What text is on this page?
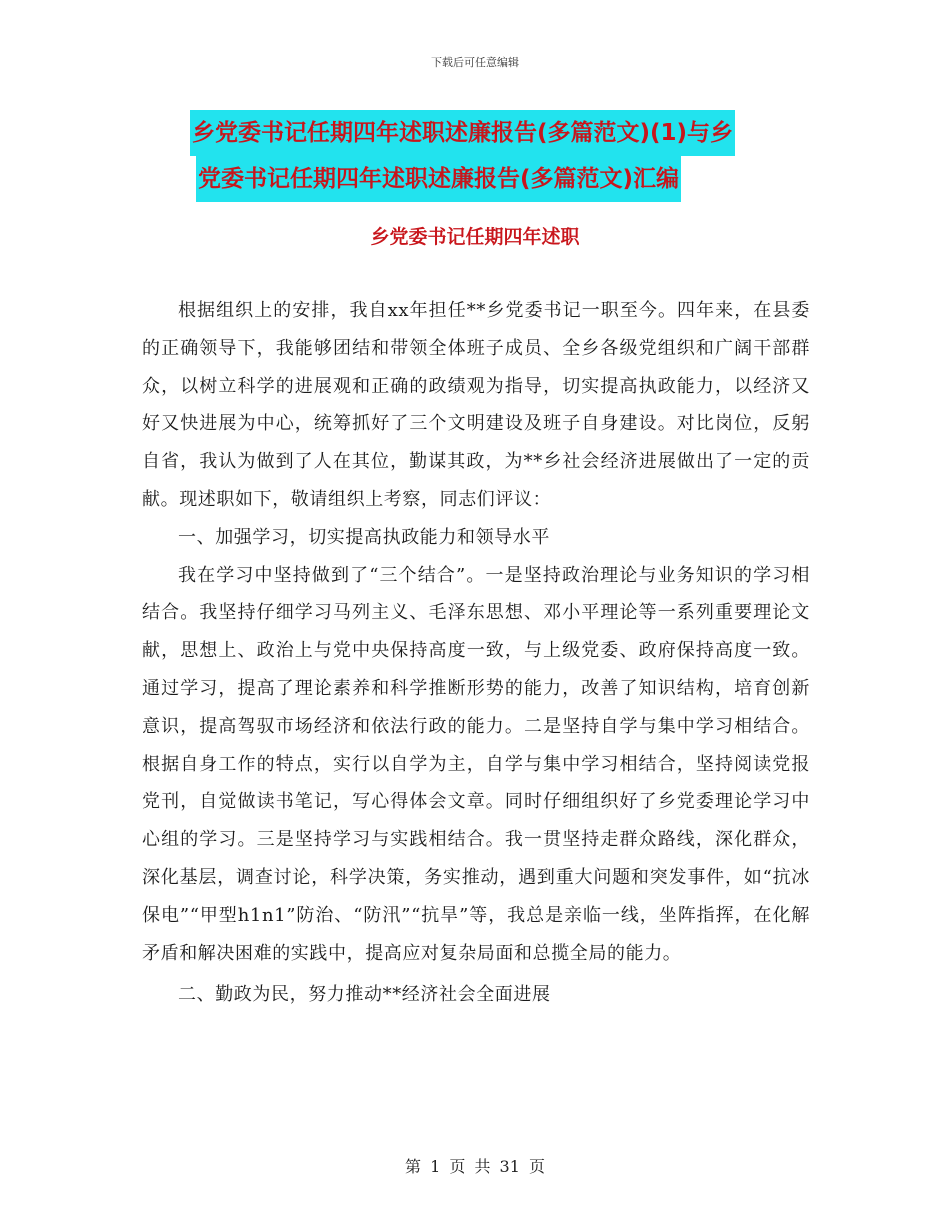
下载后可任意编辑
乡党委书记任期四年述职述廉报告(多篇范文)(1)与乡
党委书记任期四年述职述廉报告(多篇范文)汇编
乡党委书记任期四年述职

根据组织上的安排，我自xx年担任**乡党委书记一职至今。四年来，在县委的正确领导下，我能够团结和带领全体班子成员、全乡各级党组织和广阔干部群众，以树立科学的进展观和正确的政绩观为指导，切实提高执政能力，以经济又好又快进展为中心，统筹抓好了三个文明建设及班子自身建设。对比岗位，反躬自省，我认为做到了人在其位，勤谋其政，为**乡社会经济进展做出了一定的贡献。现述职如下，敬请组织上考察，同志们评议：

一、加强学习，切实提高执政能力和领导水平

我在学习中坚持做到了“三个结合”。一是坚持政治理论与业务知识的学习相结合。我坚持仔细学习马列主义、毛泽东思想、邓小平理论等一系列重要理论文献，思想上、政治上与党中央保持高度一致，与上级党委、政府保持高度一致。通过学习，提高了理论素养和科学推断形势的能力，改善了知识结构，培育创新意识，提高驾驭市场经济和依法行政的能力。二是坚持自学与集中学习相结合。根据自身工作的特点，实行以自学为主，自学与集中学习相结合，坚持阅读党报党刊，自觉做读书笔记，写心得体会文章。同时仔细组织好了乡党委理论学习中心组的学习。三是坚持学习与实践相结合。我一贯坚持走群众路线，深化群众，深化基层，调查讨论，科学决策，务实推动，遇到重大问题和突发事件，如“抗冰保电”“甲型h1n1”防治、“防汛”“抗旱”等，我总是亲临一线，坐阵指挥，在化解矛盾和解决困难的实践中，提高应对复杂局面和总揽全局的能力。

二、勤政为民，努力推动**经济社会全面进展

第 1 页 共 31 页
